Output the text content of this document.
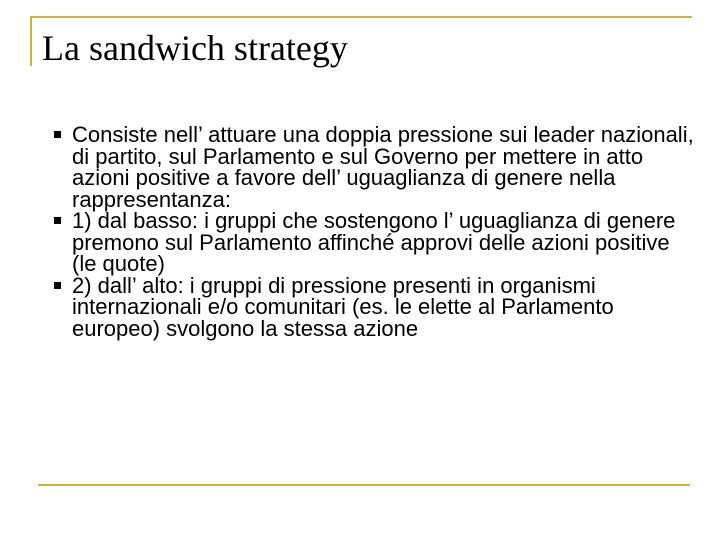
La sandwich strategy
Consiste nell’ attuare una doppia pressione sui leader nazionali, di partito, sul Parlamento e sul Governo per mettere in atto azioni positive a favore dell’ uguaglianza di genere nella rappresentanza:
1) dal basso: i gruppi che sostengono l’ uguaglianza di genere premono sul Parlamento affinché approvi delle azioni positive (le quote)
2) dall’ alto: i gruppi di pressione presenti in organismi internazionali e/o comunitari (es. le elette al Parlamento europeo) svolgono la stessa azione
